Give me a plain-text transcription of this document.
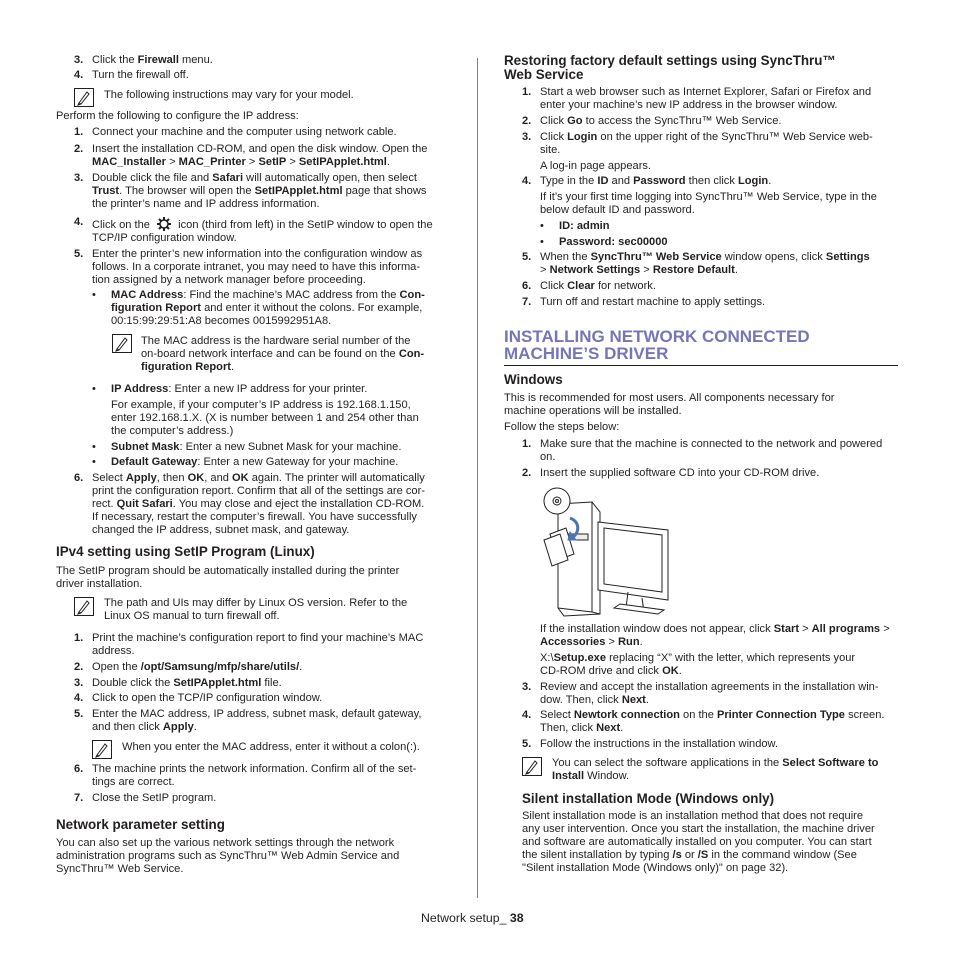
3. Click the Firewall menu.
4. Turn the firewall off.
The following instructions may vary for your model.
Perform the following to configure the IP address:
1. Connect your machine and the computer using network cable.
2. Insert the installation CD-ROM, and open the disk window. Open the
MAC_Installer > MAC_Printer > SetIP > SetIPApplet.html.
3. Double click the file and Safari will automatically open, then select
Trust. The browser will open the SetIPApplet.html page that shows
the printer’s name and IP address information.
4. Click on the	icon (third from left) in the SetIP window to open the
TCP/IP configuration window.
5. Enter the printer’s new information into the configuration window as
follows. In a corporate intranet, you may need to have this informa-
tion assigned by a network manager before proceeding.
• MAC Address: Find the machine’s MAC address from the Con-
figuration Report and enter it without the colons. For example,
00:15:99:29:51:A8 becomes 0015992951A8.
The MAC address is the hardware serial number of the
on-board network interface and can be found on the Con-
figuration Report.
• IP Address: Enter a new IP address for your printer.
For example, if your computer’s IP address is 192.168.1.150,
enter 192.168.1.X. (X is number between 1 and 254 other than
the computer’s address.)
• Subnet Mask: Enter a new Subnet Mask for your machine.
• Default Gateway: Enter a new Gateway for your machine.
6. Select Apply, then OK, and OK again. The printer will automatically
print the configuration report. Confirm that all of the settings are cor-
rect. Quit Safari. You may close and eject the installation CD-ROM.
If necessary, restart the computer’s firewall. You have successfully
changed the IP address, subnet mask, and gateway.
IPv4 setting using SetIP Program (Linux)
The SetIP program should be automatically installed during the printer
driver installation.
The path and UIs may differ by Linux OS version. Refer to the
Linux OS manual to turn firewall off.
1. Print the machine’s configuration report to find your machine’s MAC
address.
2. Open the /opt/Samsung/mfp/share/utils/.
3. Double click the SetIPApplet.html file.
4. Click to open the TCP/IP configuration window.
5. Enter the MAC address, IP address, subnet mask, default gateway,
and then click Apply.
When you enter the MAC address, enter it without a colon(:).
6. The machine prints the network information. Confirm all of the set-
tings are correct.
7. Close the SetIP program.
Network parameter setting
You can also set up the various network settings through the network
administration programs such as SyncThru™ Web Admin Service and
SyncThru™ Web Service.
Restoring factory default settings using SyncThru™
Web Service
1. Start a web browser such as Internet Explorer, Safari or Firefox and
enter your machine’s new IP address in the browser window.
2. Click Go to access the SyncThru™ Web Service.
3. Click Login on the upper right of the SyncThru™ Web Service web-
site.
A log-in page appears.
4. Type in the ID and Password then click Login.
If it’s your first time logging into SyncThru™ Web Service, type in the
below default ID and password.
• ID: admin
• Password: sec00000
5. When the SyncThru™ Web Service window opens, click Settings
> Network Settings > Restore Default.
6. Click Clear for network.
7. Turn off and restart machine to apply settings.
INSTALLING NETWORK CONNECTED
MACHINE’S DRIVER
Windows
This is recommended for most users. All components necessary for
machine operations will be installed.
Follow the steps below:
1. Make sure that the machine is connected to the network and powered
on.
2. Insert the supplied software CD into your CD-ROM drive.
If the installation window does not appear, click Start > All programs >
Accessories > Run.
X:\Setup.exe replacing “X” with the letter, which represents your
CD-ROM drive and click OK.
3. Review and accept the installation agreements in the installation win-
dow. Then, click Next.
4. Select Newtork connection on the Printer Connection Type screen.
Then, click Next.
5. Follow the instructions in the installation window.
You can select the software applications in the Select Software to
Install Window.
Silent installation Mode (Windows only)
Silent installation mode is an installation method that does not require
any user intervention. Once you start the installation, the machine driver
and software are automatically installed on you computer. You can start
the silent installation by typing /s or /S in the command window (See
"Silent installation Mode (Windows only)" on page 32).
Network setup_ 38
